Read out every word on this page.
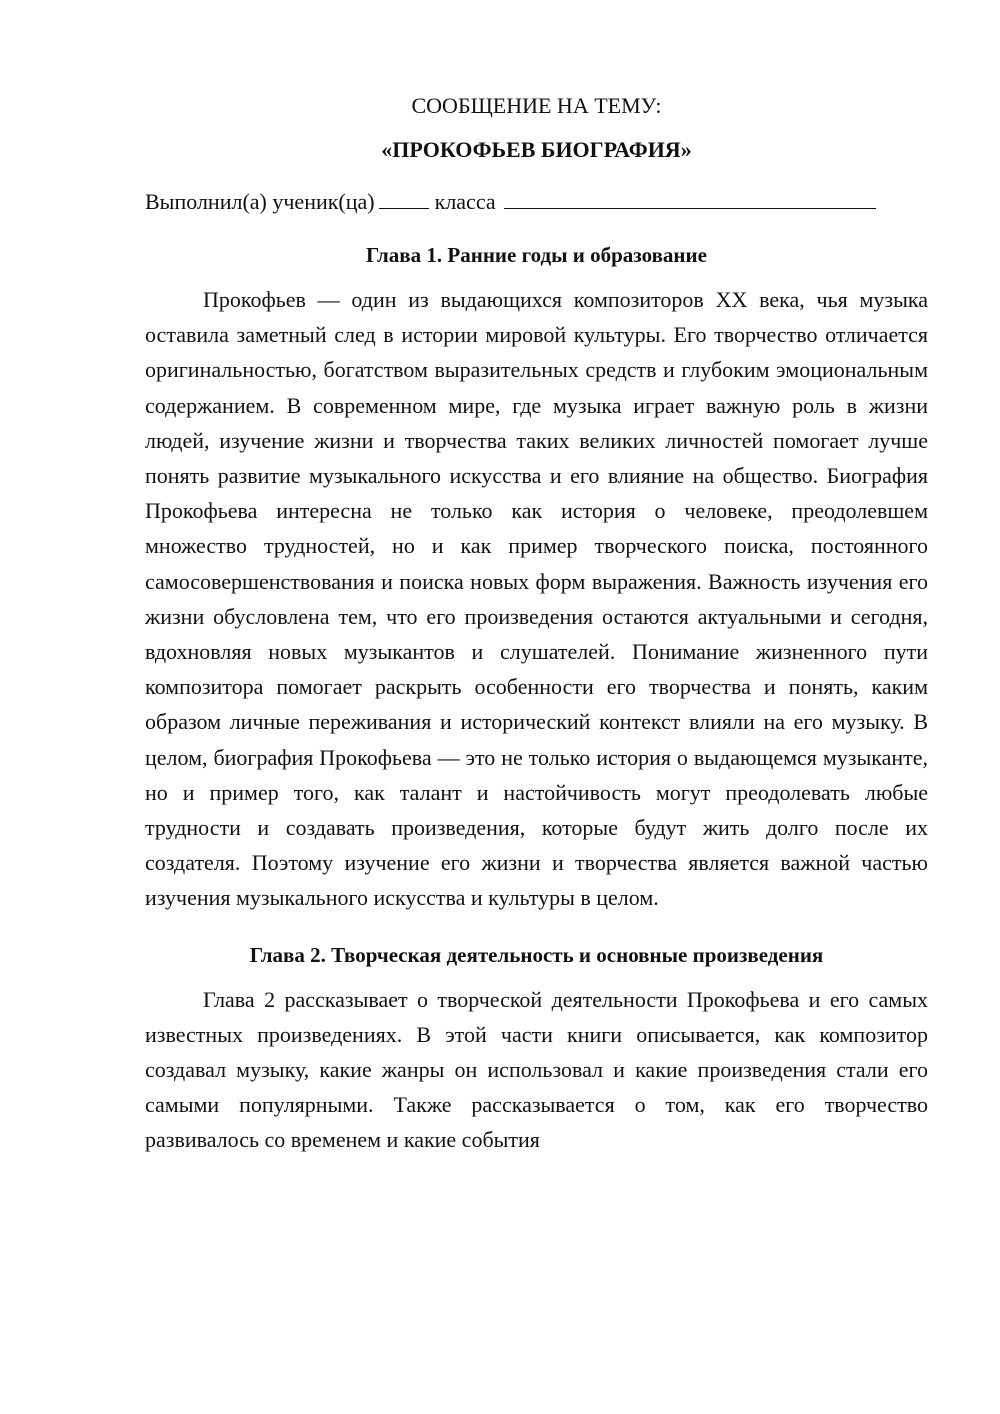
СООБЩЕНИЕ НА ТЕМУ:

«ПРОКОФЬЕВ БИОГРАФИЯ»

Выполнил(а) ученик(ца)	класса

Глава 1. Ранние годы и образование

Прокофьев — один из выдающихся композиторов XX века, чья музыка оставила заметный след в истории мировой культуры. Его творчество отличается оригинальностью, богатством выразительных средств и глубоким эмоциональным содержанием. В современном мире, где музыка играет важную роль в жизни людей, изучение жизни и творчества таких великих личностей помогает лучше понять развитие музыкального искусства и его влияние на общество. Биография Прокофьева интересна не только как история о человеке, преодолевшем множество трудностей, но и как пример творческого поиска, постоянного самосовершенствования и поиска новых форм выражения. Важность изучения его жизни обусловлена тем, что его произведения остаются актуальными и сегодня, вдохновляя новых музыкантов и слушателей. Понимание жизненного пути композитора помогает раскрыть особенности его творчества и понять, каким образом личные переживания и исторический контекст влияли на его музыку. В целом, биография Прокофьева — это не только история о выдающемся музыканте, но и пример того, как талант и настойчивость могут преодолевать любые трудности и создавать произведения, которые будут жить долго после их создателя. Поэтому изучение его жизни и творчества является важной частью изучения музыкального искусства и культуры в целом.

Глава 2. Творческая деятельность и основные произведения

Глава 2 рассказывает о творческой деятельности Прокофьева и его самых известных произведениях. В этой части книги описывается, как композитор создавал музыку, какие жанры он использовал и какие произведения стали его самыми популярными. Также рассказывается о том, как его творчество развивалось со временем и какие события
